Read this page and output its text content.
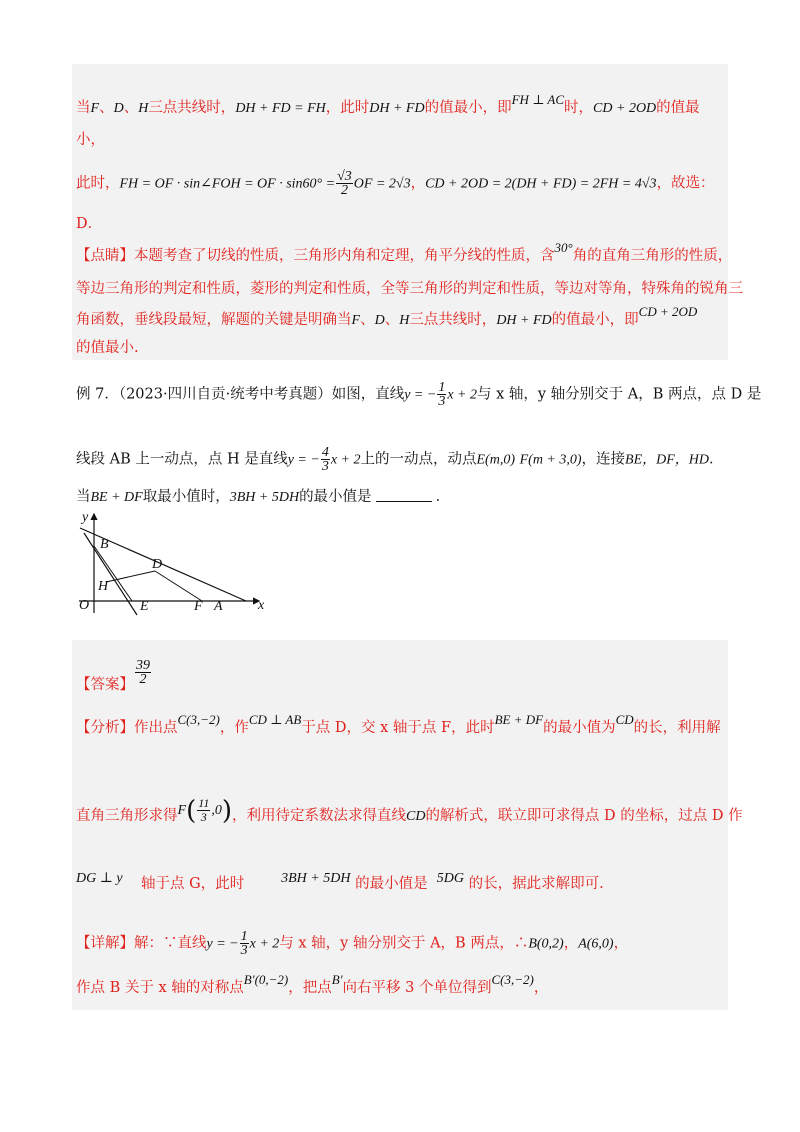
当F、D、H三点共线时，DH + FD = FH，此时DH + FD的值最小，即FH ⊥ AC时，CD + 2OD的值最
小，
此时，FH = OF · sin∠FOH = OF · $\sin 60^\circ = \frac{√3}{2}$ OF = 2√3，CD + 2OD = 2(DH + FD) = 2FH = 4√3，故选：
D．
【点睛】本题考查了切线的性质，三角形内角和定理，角平分线的性质，含30°角的直角三角形的性质，
等边三角形的判定和性质，菱形的判定和性质，全等三角形的判定和性质，等边对等角，特殊角的锐角三
角函数，垂线段最短，解题的关键是明确当F、D、H三点共线时，DH + FD的值最小，即CD + 2OD
的值最小.
例 7．（2023·四川自贡·统考中考真题）如图，直线y = − $\frac{1}{3}$ x + 2与 x 轴，y 轴分别交于 A，B 两点，点 D 是
线段 AB 上一动点，点 H 是直线y = − $\frac{4}{3}$ x + 2上的一动点，动点E(m,0) F(m + 3,0)，连接BE，DF，HD．
当BE + DF取最小值时，3BH + 5DH的最小值是	．
y
x
O
B
D
H
E	F A
【答案】 $\frac{39}{2}$
【分析】作出点C(3,−2)，作CD ⊥ AB于点 D，交 x 轴于点 F，此时BE + DF的最小值为CD的长，利用解
直角三角形求得$F( \frac{11}{3} ,0)$，利用待定系数法求得直线CD的解析式，联立即可求得点 D 的坐标，过点 D 作
DG ⊥ y 轴于点 G，此时	3BH + 5DH 的最小值是 5DG 的长，据此求解即可.
【详解】解：∵直线y = − $\frac{1}{3}$ x + 2与 x 轴，y 轴分别交于 A，B 两点，∴B(0,2)，A(6,0)，
作点 B 关于 x 轴的对称点B′(0,−2)，把点B′向右平移 3 个单位得到C(3,−2)，
